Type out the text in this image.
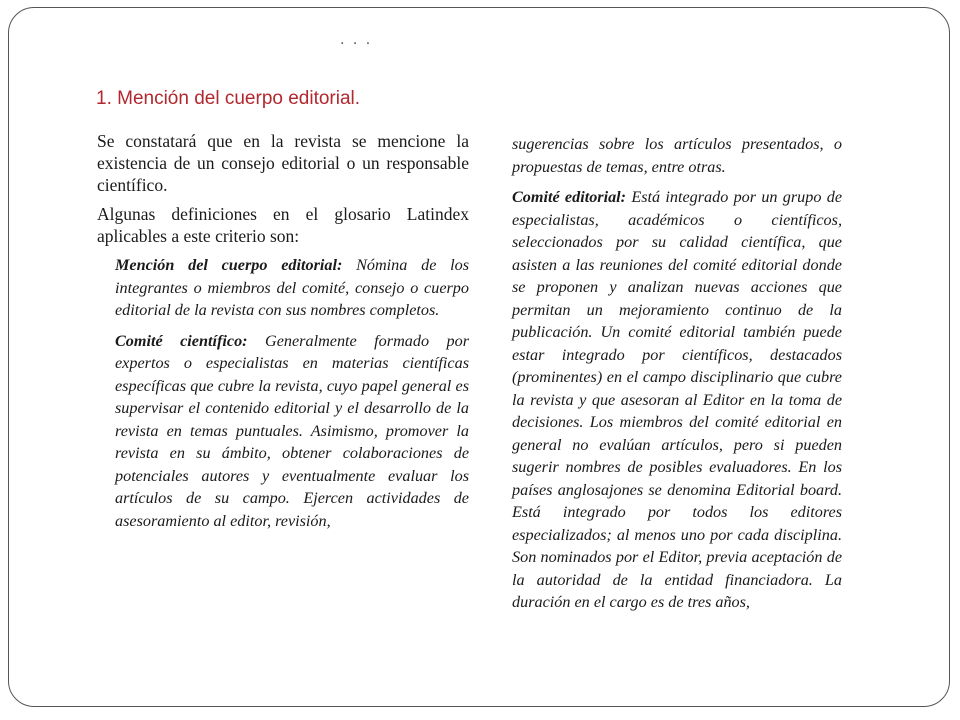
· · ·
1. Mención del cuerpo editorial.

Se constatará que en la revista se mencione la existencia de un consejo editorial o un responsable científico.

Algunas definiciones en el glosario Latindex aplicables a este criterio son:

Mención del cuerpo editorial: Nómina de los integrantes o miembros del comité, consejo o cuerpo editorial de la revista con sus nombres completos.

Comité científico: Generalmente formado por expertos o especialistas en materias científicas específicas que cubre la revista, cuyo papel general es supervisar el contenido editorial y el desarrollo de la revista en temas puntuales. Asimismo, promover la revista en su ámbito, obtener colaboraciones de potenciales autores y eventualmente evaluar los artículos de su campo. Ejercen actividades de asesoramiento al editor, revisión,

sugerencias sobre los artículos presentados, o propuestas de temas, entre otras.

Comité editorial: Está integrado por un grupo de especialistas, académicos o científicos, seleccionados por su calidad científica, que asisten a las reuniones del comité editorial donde se proponen y analizan nuevas acciones que permitan un mejoramiento continuo de la publicación. Un comité editorial también puede estar integrado por científicos, destacados (prominentes) en el campo disciplinario que cubre la revista y que asesoran al Editor en la toma de decisiones. Los miembros del comité editorial en general no evalúan artículos, pero si pueden sugerir nombres de posibles evaluadores. En los países anglosajones se denomina Editorial board. Está integrado por todos los editores especializados; al menos uno por cada disciplina. Son nominados por el Editor, previa aceptación de la autoridad de la entidad financiadora. La duración en el cargo es de tres años,
